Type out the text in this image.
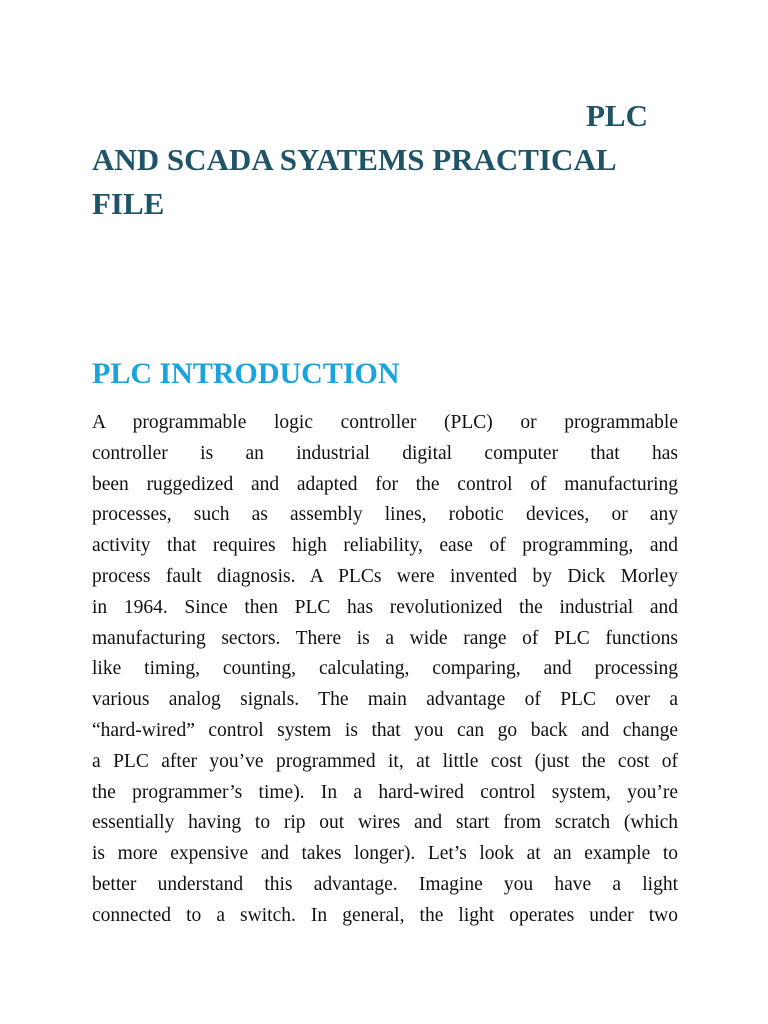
PLC
AND SCADA SYATEMS PRACTICAL
FILE
PLC INTRODUCTION
A programmable logic controller (PLC) or programmable
controller is an industrial digital computer that has
been ruggedized and adapted for the control of manufacturing
processes, such as assembly lines, robotic devices, or any
activity that requires high reliability, ease of programming, and
process fault diagnosis. A PLCs were invented by Dick Morley
in 1964. Since then PLC has revolutionized the industrial and
manufacturing sectors. There is a wide range of PLC functions
like timing, counting, calculating, comparing, and processing
various analog signals. The main advantage of PLC over a
“hard-wired” control system is that you can go back and change
a PLC after you’ve programmed it, at little cost (just the cost of
the programmer’s time). In a hard-wired control system, you’re
essentially having to rip out wires and start from scratch (which
is more expensive and takes longer). Let’s look at an example to
better understand this advantage. Imagine you have a light
connected to a switch. In general, the light operates under two
